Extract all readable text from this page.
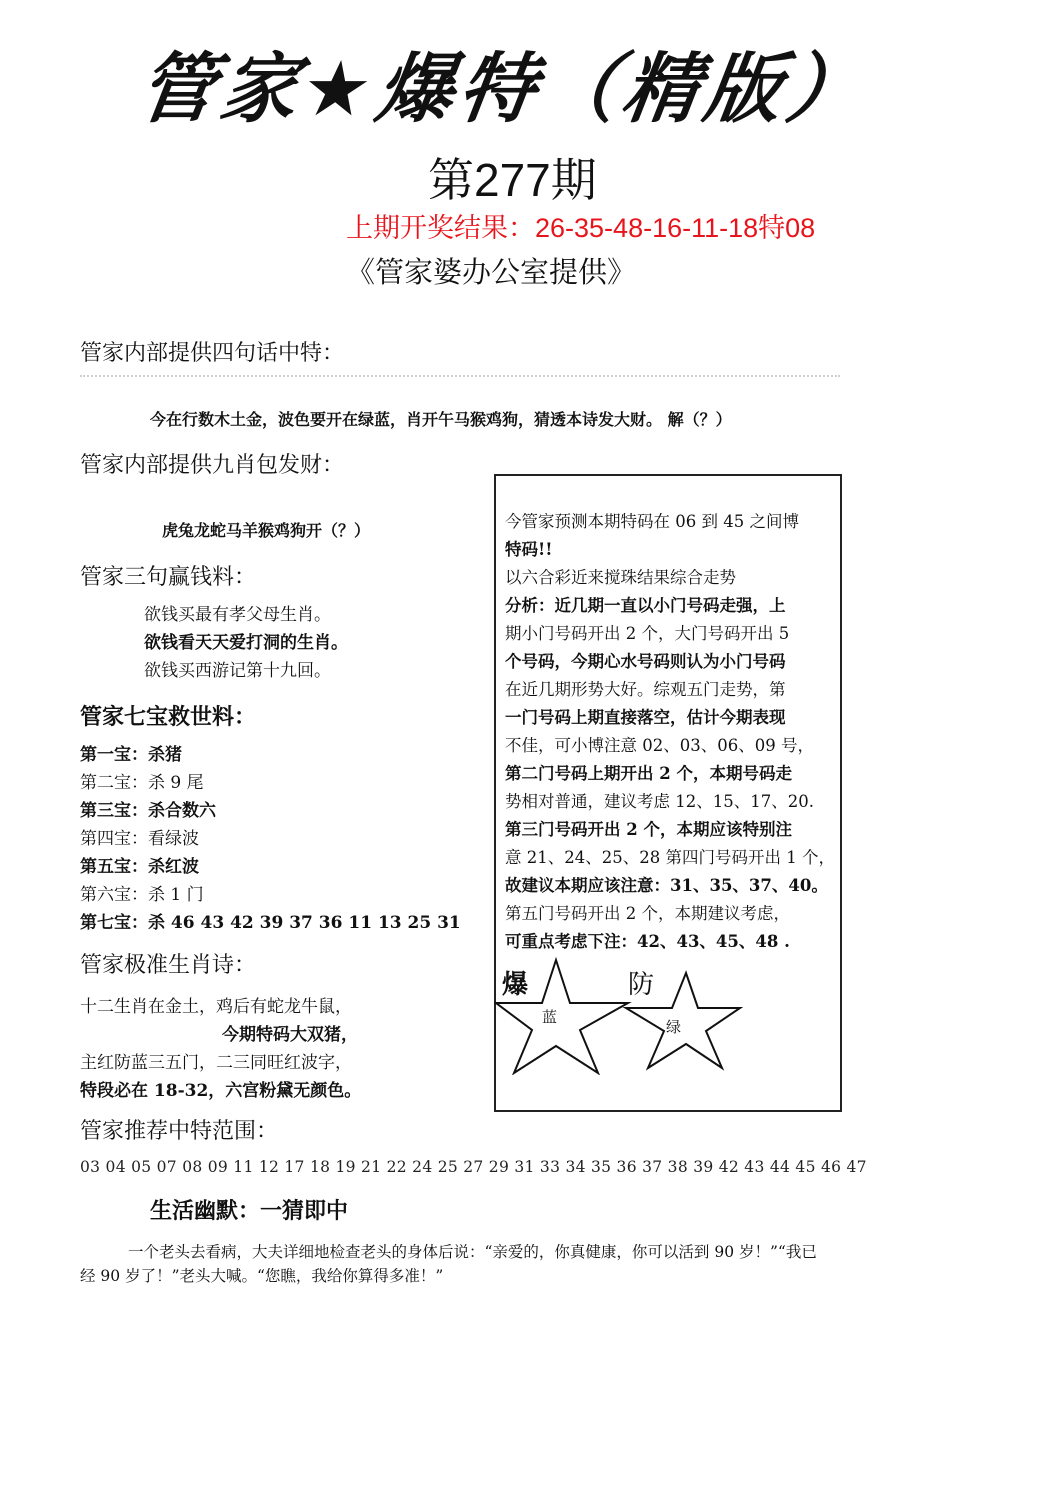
管家★爆特（精版）
第277期
上期开奖结果：26-35-48-16-11-18特08
《管家婆办公室提供》
管家内部提供四句话中特：
今在行数木土金，波色要开在绿蓝，肖开午马猴鸡狗，猜透本诗发大财。 解（？）
管家内部提供九肖包发财：
虎兔龙蛇马羊猴鸡狗开（？）
管家三句赢钱料：
欲钱买最有孝父母生肖。
欲钱看天天爱打洞的生肖。
欲钱买西游记第十九回。
管家七宝救世料：
第一宝：杀猪
第二宝：杀 9 尾
第三宝：杀合数六
第四宝：看绿波
第五宝：杀红波
第六宝：杀 1 门
第七宝：杀 46 43 42 39 37 36 11 13 25 31
管家极准生肖诗：
十二生肖在金土，鸡后有蛇龙牛鼠，
今期特码大双猪，
主红防蓝三五门，二三同旺红波字，
特段必在 18-32，六宫粉黛无颜色。
管家推荐中特范围：
03 04 05 07 08 09 11 12 17 18 19 21 22 24 25 27 29 31 33 34 35 36 37 38 39 42 43 44 45 46 47
生活幽默：一猜即中
一个老头去看病，大夫详细地检查老头的身体后说：“亲爱的，你真健康，你可以活到 90 岁！”“我已
经 90 岁了！”老头大喊。“您瞧，我给你算得多准！”
今管家预测本期特码在 06 到 45 之间博
特码!!
以六合彩近来搅珠结果综合走势
分析：近几期一直以小门号码走强，上
期小门号码开出 2 个，大门号码开出 5
个号码，今期心水号码则认为小门号码
在近几期形势大好。综观五门走势，第
一门号码上期直接落空，估计今期表现
不佳，可小博注意 02、03、06、09 号，
第二门号码上期开出 2 个，本期号码走
势相对普通，建议考虑 12、15、17、20.
第三门号码开出 2 个，本期应该特别注
意 21、24、25、28 第四门号码开出 1 个，
故建议本期应该注意：31、35、37、40。
第五门号码开出 2 个，本期建议考虑，
可重点考虑下注：42、43、45、48 .
爆	防
蓝
绿
